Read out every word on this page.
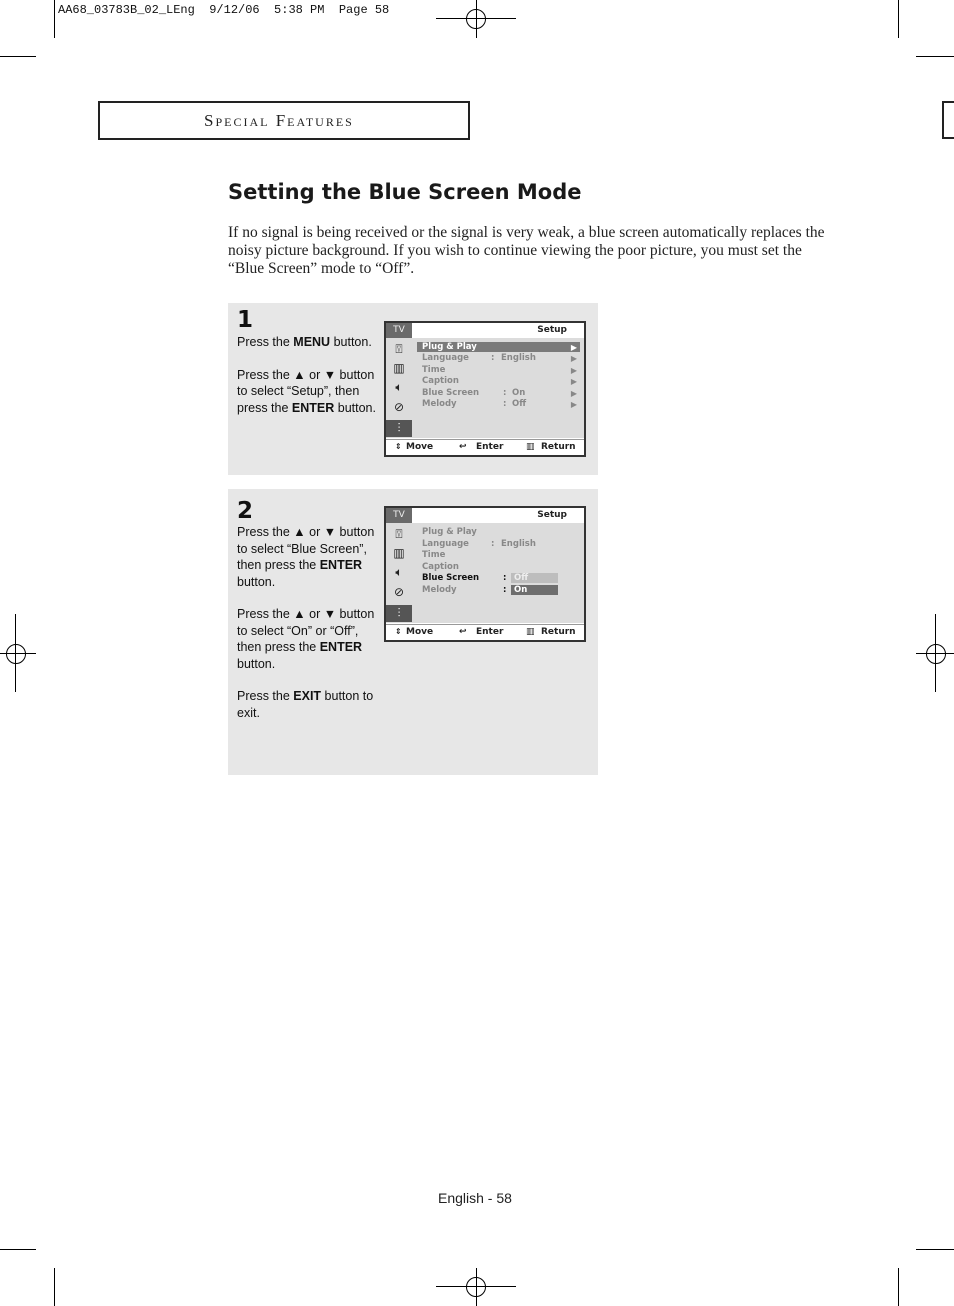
AA68_03783B_02_LEng  9/12/06  5:38 PM  Page 58
Special Features
Setting the Blue Screen Mode
If no signal is being received or the signal is very weak, a blue screen automatically replaces the noisy picture background. If you wish to continue viewing the poor picture, you must set the “Blue Screen” mode to “Off”.
1

Press the MENU button.

Press the ▲ or ▼ button to select “Setup”, then press the ENTER button.

TV	Setup
⍔
▥
🔈︎
⊘
⫶
Plug & Play	▶
Language	: English	▶
Time	▶
Caption	▶
Blue Screen	: On	▶
Melody	: Off	▶
⇕ Move	↩ Enter	▥ Return
2

Press the ▲ or ▼ button to select “Blue Screen”, then press the ENTER button.

Press the ▲ or ▼ button to select “On” or “Off”, then press the ENTER button.

Press the EXIT button to exit.

TV	Setup
⍔
▥
🔈︎
⊘
⫶
Plug & Play
Language	: English
Time
Caption
Blue Screen	: Off
Melody	: On
⇕ Move	↩ Enter	▥ Return
English - 58
